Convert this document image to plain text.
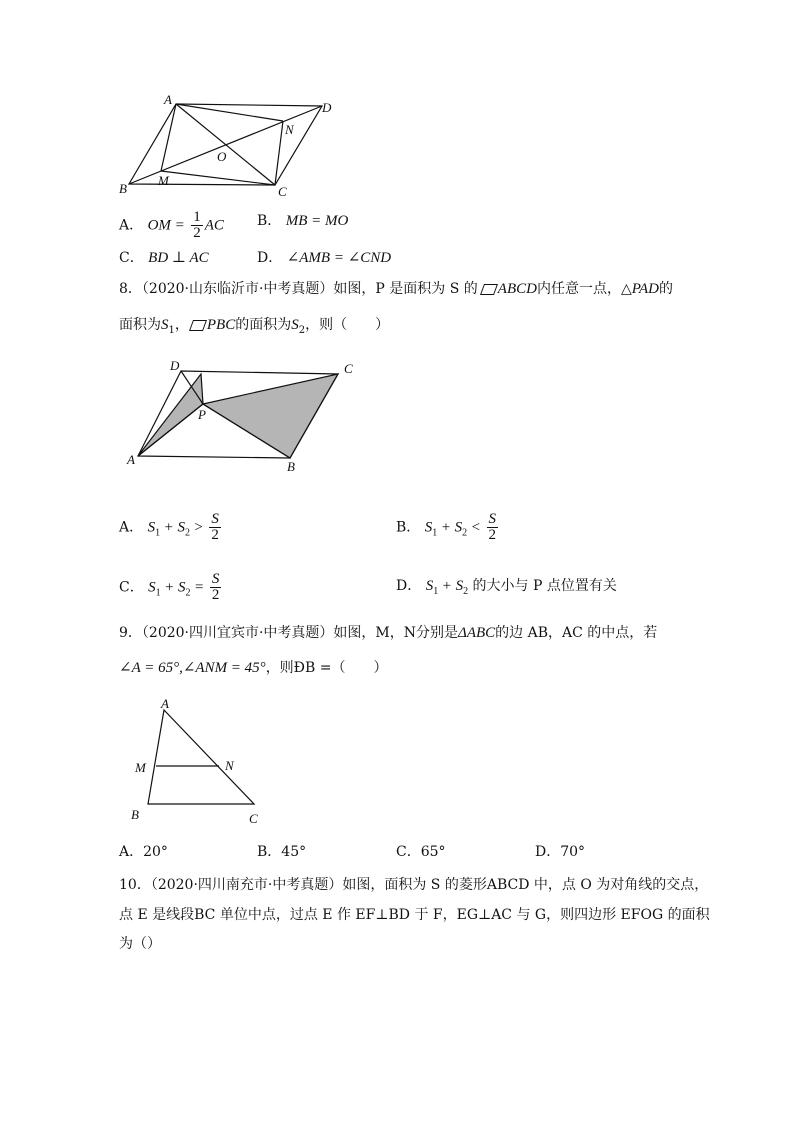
A
D
N
O
B
M
C
A． OM = $\frac{1}{2}$ AC B． MB = MO
C． BD ⊥ AC	D． ∠AMB = ∠CND
8．（2020·山东临沂市·中考真题）如图，P 是面积为 S 的 ABCD内任意一点，△PAD的
面积为$S_1$， PBC的面积为$S_2$，则（　　）
D	C
P
A	B
A． $S_1 + S_2 > \frac{S}{2}$	B． $S_1 + S_2 < \frac{S}{2}$
C． $S_1 + S_2 = \frac{S}{2}$	D． $S_1 + S_2$ 的大小与 P 点位置有关
9．（2020·四川宜宾市·中考真题）如图，M，N分别是ΔABC的边 AB，AC 的中点，若
∠A = 65°,∠ANM = 45°，则ÐB =（　　）
A
M	N
B	C
A．20°	B．45°	C．65°	D．70°
10．（2020·四川南充市·中考真题）如图，面积为 S 的菱形ABCD 中，点 O 为对角线的交点，
点 E 是线段BC 单位中点，过点 E 作 EF⊥BD 于 F，EG⊥AC 与 G，则四边形 EFOG 的面积
为（）
